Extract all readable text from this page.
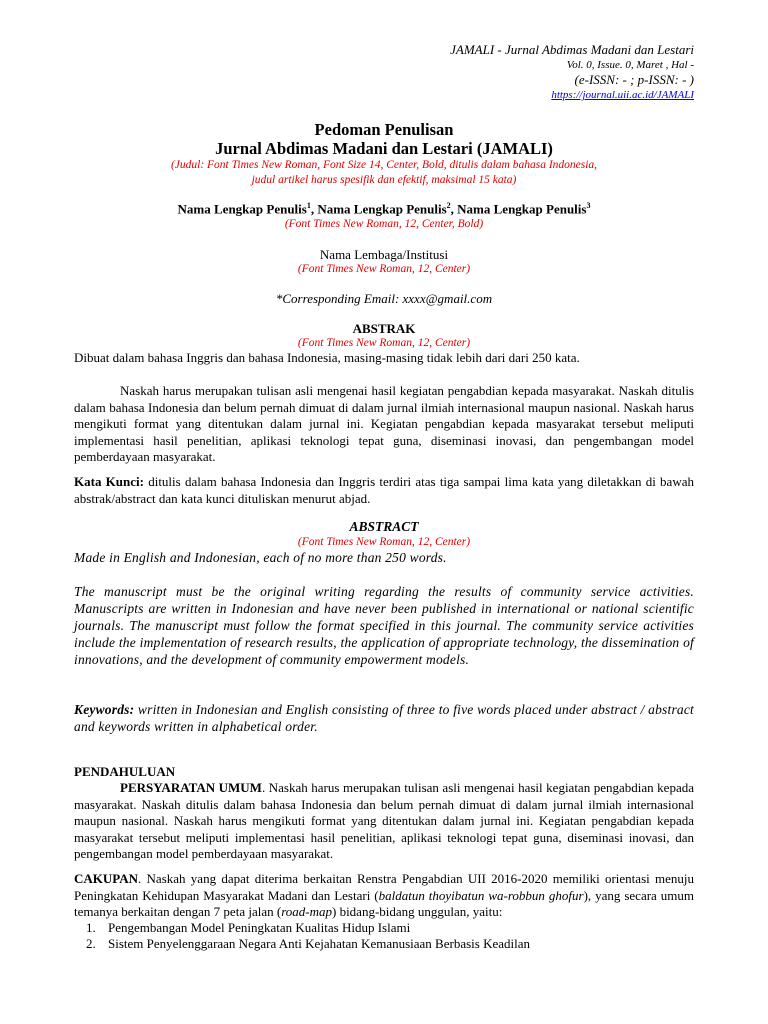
JAMALI - Jurnal Abdimas Madani dan Lestari
Vol. 0, Issue. 0, Maret , Hal -
(e-ISSN: - ; p-ISSN: - )
https://journal.uii.ac.id/JAMALI
Pedoman Penulisan
Jurnal Abdimas Madani dan Lestari (JAMALI)
(Judul: Font Times New Roman, Font Size 14, Center, Bold, ditulis dalam bahasa Indonesia,
judul artikel harus spesifik dan efektif, maksimal 15 kata)
Nama Lengkap Penulis$^1$, Nama Lengkap Penulis$^2$, Nama Lengkap Penulis$^3$
(Font Times New Roman, 12, Center, Bold)
Nama Lembaga/Institusi
(Font Times New Roman, 12, Center)
*Corresponding Email: xxxx@gmail.com
ABSTRAK
(Font Times New Roman, 12, Center)
Dibuat dalam bahasa Inggris dan bahasa Indonesia, masing-masing tidak lebih dari dari 250 kata.
Naskah harus merupakan tulisan asli mengenai hasil kegiatan pengabdian kepada masyarakat. Naskah ditulis dalam bahasa Indonesia dan belum pernah dimuat di dalam jurnal ilmiah internasional maupun nasional. Naskah harus mengikuti format yang ditentukan dalam jurnal ini. Kegiatan pengabdian kepada masyarakat tersebut meliputi implementasi hasil penelitian, aplikasi teknologi tepat guna, diseminasi inovasi, dan pengembangan model pemberdayaan masyarakat.
Kata Kunci: ditulis dalam bahasa Indonesia dan Inggris terdiri atas tiga sampai lima kata yang diletakkan di bawah abstrak/abstract dan kata kunci dituliskan menurut abjad.
ABSTRACT
(Font Times New Roman, 12, Center)
Made in English and Indonesian, each of no more than 250 words.
The manuscript must be the original writing regarding the results of community service activities. Manuscripts are written in Indonesian and have never been published in international or national scientific journals. The manuscript must follow the format specified in this journal. The community service activities include the implementation of research results, the application of appropriate technology, the dissemination of innovations, and the development of community empowerment models.
Keywords: written in Indonesian and English consisting of three to five words placed under abstract / abstract and keywords written in alphabetical order.
PENDAHULUAN
PERSYARATAN UMUM. Naskah harus merupakan tulisan asli mengenai hasil kegiatan pengabdian kepada masyarakat. Naskah ditulis dalam bahasa Indonesia dan belum pernah dimuat di dalam jurnal ilmiah internasional maupun nasional. Naskah harus mengikuti format yang ditentukan dalam jurnal ini. Kegiatan pengabdian kepada masyarakat tersebut meliputi implementasi hasil penelitian, aplikasi teknologi tepat guna, diseminasi inovasi, dan pengembangan model pemberdayaan masyarakat.
CAKUPAN. Naskah yang dapat diterima berkaitan Renstra Pengabdian UII 2016-2020 memiliki orientasi menuju Peningkatan Kehidupan Masyarakat Madani dan Lestari (baldatun thoyibatun wa-robbun ghofur), yang secara umum temanya berkaitan dengan 7 peta jalan (road-map) bidang-bidang unggulan, yaitu:
1. Pengembangan Model Peningkatan Kualitas Hidup Islami
2. Sistem Penyelenggaraan Negara Anti Kejahatan Kemanusiaan Berbasis Keadilan
